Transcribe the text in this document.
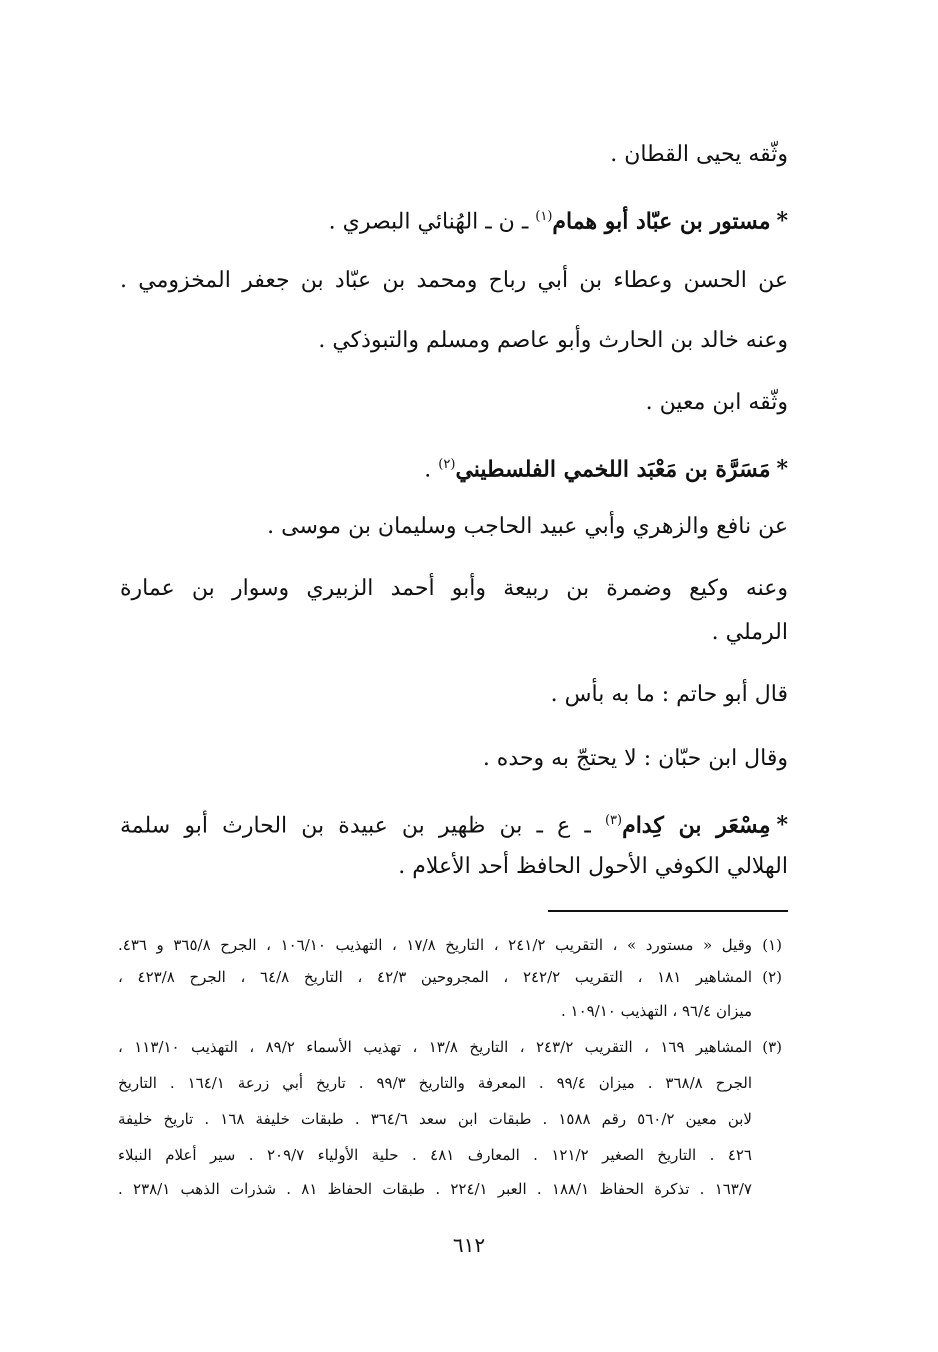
وثّقه يحيى القطان .
*مستور بن عبّاد أبو همام$^{(١)}$ ـ ن ـ الهُنائي البصري .
عن الحسن وعطاء بن أبي رباح ومحمد بن عبّاد بن جعفر المخزومي .
وعنه خالد بن الحارث وأبو عاصم ومسلم والتبوذكي .
وثّقه ابن معين .
*مَسَرَّة بن مَعْبَد اللخمي الفلسطيني$^{(٢)}$ .
عن نافع والزهري وأبي عبيد الحاجب وسليمان بن موسى .
وعنه وكيع وضمرة بن ربيعة وأبو أحمد الزبيري وسوار بن عمارة
الرملي .
قال أبو حاتم : ما به بأس .
وقال ابن حبّان : لا يحتجّ به وحده .
*مِسْعَر بن كِدام$^{(٣)}$ ـ ع ـ بن ظهير بن عبيدة بن الحارث أبو سلمة
الهلالي الكوفي الأحول الحافظ أحد الأعلام .
(١)
وقيل « مستورد » ، التقريب ٢٤١/٢ ، التاريخ ١٧/٨ ، التهذيب ١٠٦/١٠ ، الجرح ٣٦٥/٨ و ٤٣٦.
(٢)
المشاهير ١٨١ ، التقريب ٢٤٢/٢ ، المجروحين ٤٢/٣ ، التاريخ ٦٤/٨ ، الجرح ٤٢٣/٨ ،
ميزان ٩٦/٤ ، التهذيب ١٠٩/١٠ .
(٣)
المشاهير ١٦٩ ، التقريب ٢٤٣/٢ ، التاريخ ١٣/٨ ، تهذيب الأسماء ٨٩/٢ ، التهذيب ١١٣/١٠ ،
الجرح ٣٦٨/٨ . ميزان ٩٩/٤ . المعرفة والتاريخ ٩٩/٣ . تاريخ أبي زرعة ١٦٤/١ . التاريخ
لابن معين ٥٦٠/٢ رقم ١٥٨٨ . طبقات ابن سعد ٣٦٤/٦ . طبقات خليفة ١٦٨ . تاريخ خليفة
٤٢٦ . التاريخ الصغير ١٢١/٢ . المعارف ٤٨١ . حلية الأولياء ٢٠٩/٧ . سير أعلام النبلاء
١٦٣/٧ . تذكرة الحفاظ ١٨٨/١ . العبر ٢٢٤/١ . طبقات الحفاظ ٨١ . شذرات الذهب ٢٣٨/١ .
٦١٢
